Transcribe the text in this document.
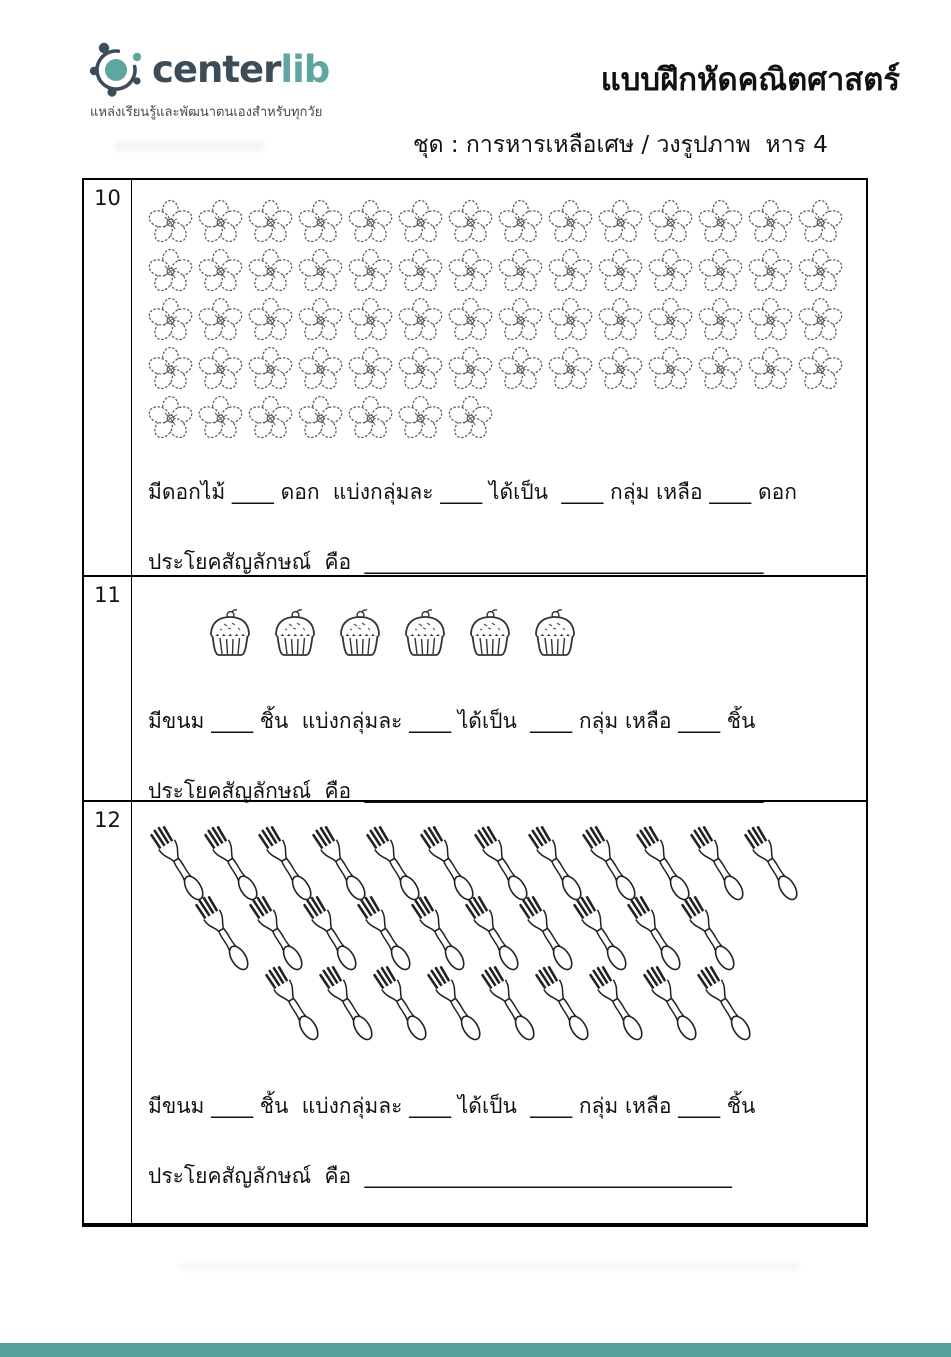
centerlib
แหล่งเรียนรู้และพัฒนาตนเองสำหรับทุกวัย
แบบฝึกหัดคณิตศาสตร์
ชุด : การหารเหลือเศษ / วงรูปภาพ  หาร 4
10
มีดอกไม้ ____ ดอก  แบ่งกลุ่มละ ____ ได้เป็น  ____ กลุ่ม เหลือ ____ ดอก
ประโยคสัญลักษณ์  คือ  ______________________________________
11
มีขนม ____ ชิ้น  แบ่งกลุ่มละ ____ ได้เป็น  ____ กลุ่ม เหลือ ____ ชิ้น
ประโยคสัญลักษณ์  คือ  ______________________________________
12
มีขนม ____ ชิ้น  แบ่งกลุ่มละ ____ ได้เป็น  ____ กลุ่ม เหลือ ____ ชิ้น
ประโยคสัญลักษณ์  คือ  ___________________________________
